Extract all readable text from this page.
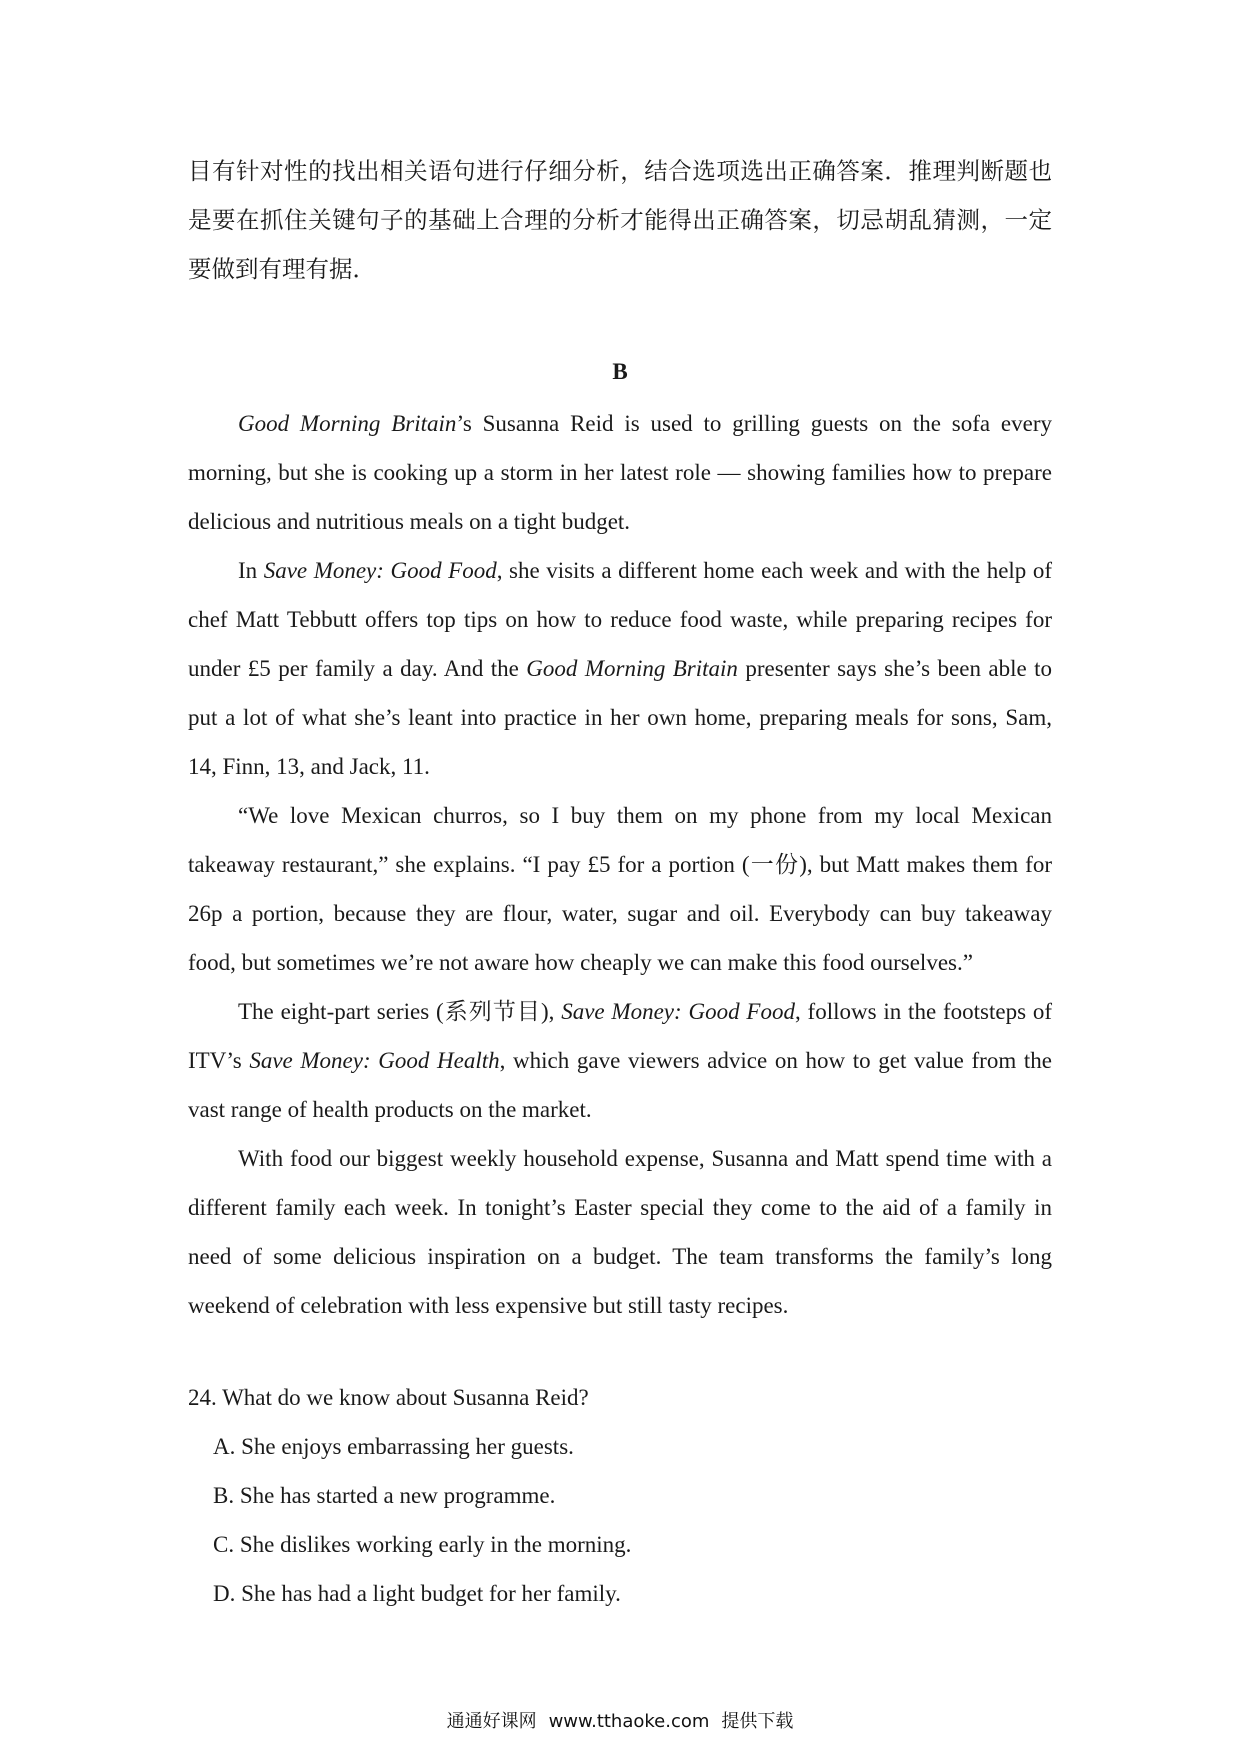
目有针对性的找出相关语句进行仔细分析，结合选项选出正确答案．推理判断题也是要在抓住关键句子的基础上合理的分析才能得出正确答案，切忌胡乱猜测，一定要做到有理有据．
B

Good Morning Britain’s Susanna Reid is used to grilling guests on the sofa every morning, but she is cooking up a storm in her latest role — showing families how to prepare delicious and nutritious meals on a tight budget.

In Save Money: Good Food, she visits a different home each week and with the help of chef Matt Tebbutt offers top tips on how to reduce food waste, while preparing recipes for under £5 per family a day. And the Good Morning Britain presenter says she’s been able to put a lot of what she’s leant into practice in her own home, preparing meals for sons, Sam, 14, Finn, 13, and Jack, 11.

“We love Mexican churros, so I buy them on my phone from my local Mexican takeaway restaurant,” she explains. “I pay £5 for a portion (一份), but Matt makes them for 26p a portion, because they are flour, water, sugar and oil. Everybody can buy takeaway food, but sometimes we’re not aware how cheaply we can make this food ourselves.”

The eight-part series (系列节目), Save Money: Good Food, follows in the footsteps of ITV’s Save Money: Good Health, which gave viewers advice on how to get value from the vast range of health products on the market.

With food our biggest weekly household expense, Susanna and Matt spend time with a different family each week. In tonight’s Easter special they come to the aid of a family in need of some delicious inspiration on a budget. The team transforms the family’s long weekend of celebration with less expensive but still tasty recipes.

24. What do we know about Susanna Reid?

A. She enjoys embarrassing her guests.

B. She has started a new programme.

C. She dislikes working early in the morning.

D. She has had a light budget for her family.

通通好课网 www.tthaoke.com 提供下载
